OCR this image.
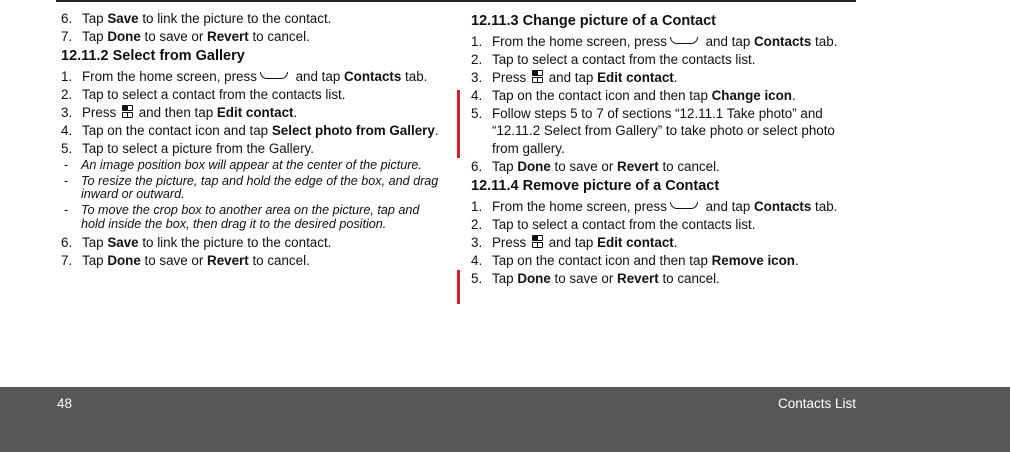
6. Tap Save to link the picture to the contact.
7. Tap Done to save or Revert to cancel.
12.11.2 Select from Gallery
1. From the home screen, press	and tap Contacts tab.
2. Tap to select a contact from the contacts list.
3. Press
and then tap Edit contact.
4. Tap on the contact icon and tap Select photo from Gallery.
5. Tap to select a picture from the Gallery.
-	An image position box will appear at the center of the picture.
-	To resize the picture, tap and hold the edge of the box, and drag inward or outward.
-	To move the crop box to another area on the picture, tap and hold inside the box, then drag it to the desired position.
6. Tap Save to link the picture to the contact.
7. Tap Done to save or Revert to cancel.
12.11.3 Change picture of a Contact
1. From the home screen, press	and tap Contacts tab.
2. Tap to select a contact from the contacts list.
3. Press
and tap Edit contact.
4. Tap on the contact icon and then tap Change icon.
5. Follow steps 5 to 7 of sections “12.11.1 Take photo” and “12.11.2 Select from Gallery” to take photo or select photo from gallery.
6. Tap Done to save or Revert to cancel.
12.11.4 Remove picture of a Contact
1. From the home screen, press	and tap Contacts tab.
2. Tap to select a contact from the contacts list.
3. Press
and tap Edit contact.
4. Tap on the contact icon and then tap Remove icon.
5. Tap Done to save or Revert to cancel.
48	Contacts List
